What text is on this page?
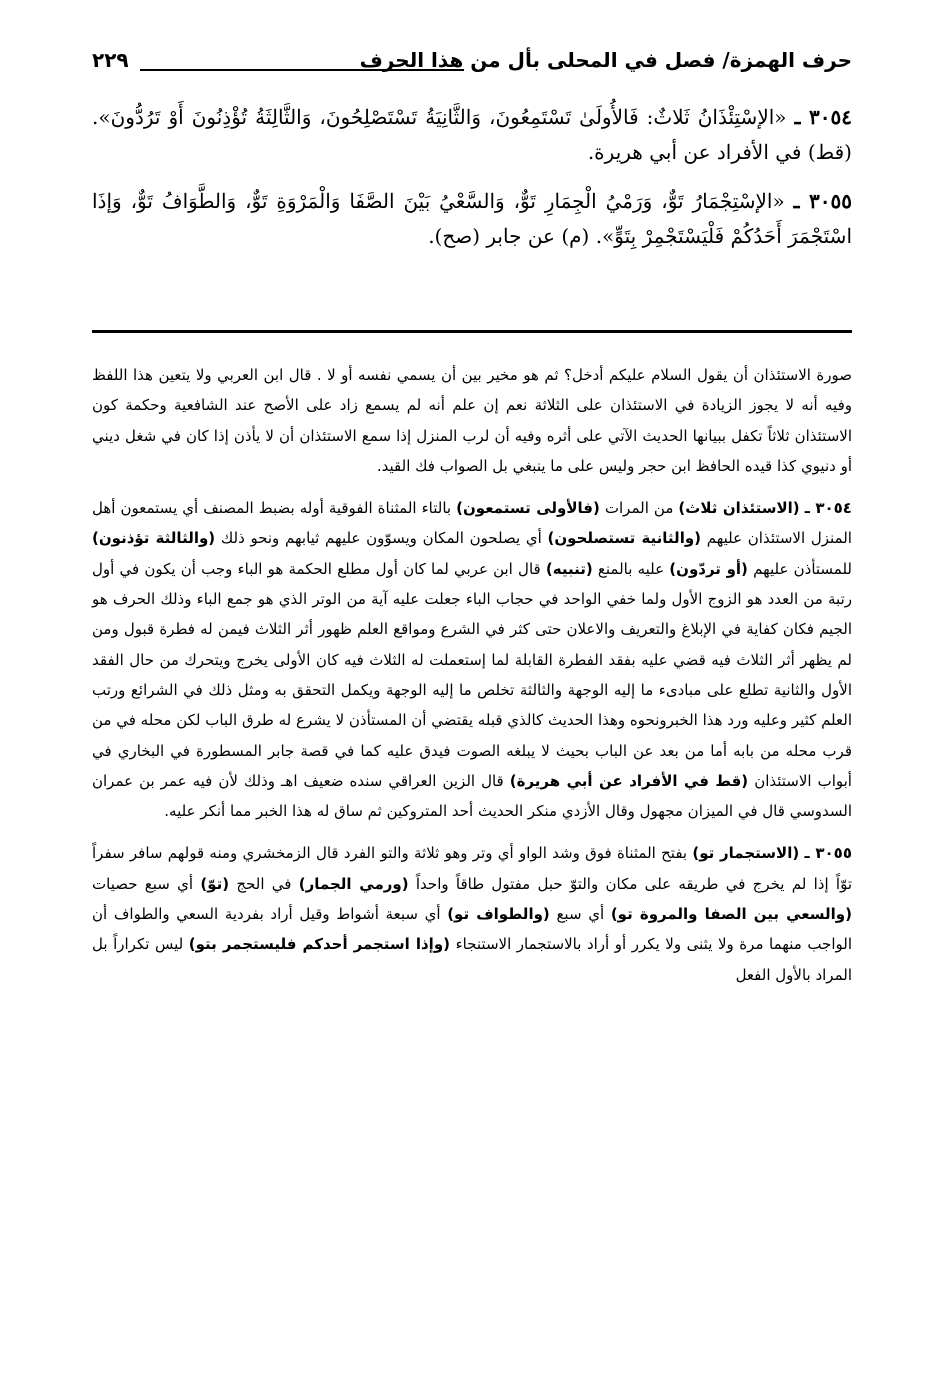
حرف الهمزة/ فصل في المحلى بأل من هذا الحرف
٢٢٩

٣٠٥٤ ـ «الإسْتِئْذَانُ ثَلاثٌ: فَالأُولَىٰ تَسْتَمِعُونَ، وَالثَّانِيَةُ تَسْتَصْلِحُونَ، وَالثَّالِثَةُ تُؤْذِنُونَ أَوْ تَرُدُّونَ». (قط) في الأفراد عن أبي هريرة.

٣٠٥٥ ـ «الإسْتِجْمَارُ تَوٌّ، وَرَمْيُ الْجِمَارِ تَوٌّ، وَالسَّعْيُ بَيْنَ الصَّفَا وَالْمَرْوَةِ تَوٌّ، وَالطَّوَافُ تَوٌّ، وَإذَا اسْتَجْمَرَ أَحَدُكُمْ فَلْيَسْتَجْمِرْ بِتَوٍّ». (م) عن جابر (صح).

صورة الاستئذان أن يقول السلام عليكم أدخل؟ ثم هو مخير بين أن يسمي نفسه أو لا . قال ابن العربي ولا يتعين هذا اللفظ وفيه أنه لا يجوز الزيادة في الاستئذان على الثلاثة نعم إن علم أنه لم يسمع زاد على الأصح عند الشافعية وحكمة كون الاستئذان ثلاثاً تكفل ببيانها الحديث الآتي على أثره وفيه أن لرب المنزل إذا سمع الاستئذان أن لا يأذن إذا كان في شغل ديني أو دنيوي كذا قيده الحافظ ابن حجر وليس على ما ينبغي بل الصواب فك القيد.

٣٠٥٤ ـ (الاستئذان ثلاث) من المرات (فالأولى تستمعون) بالتاء المثناة الفوقية أوله بضبط المصنف أي يستمعون أهل المنزل الاستئذان عليهم (والثانية تستصلحون) أي يصلحون المكان ويسوّون عليهم ثيابهم ونحو ذلك (والثالثة تؤذنون) للمستأذن عليهم (أو تردّون) عليه بالمنع (تنبيه) قال ابن عربي لما كان أول مطلع الحكمة هو الباء وجب أن يكون في أول رتبة من العدد هو الزوج الأول ولما خفي الواحد في حجاب الباء جعلت عليه آية من الوتر الذي هو جمع الباء وذلك الحرف هو الجيم فكان كفاية في الإبلاغ والتعريف والاعلان حتى كثر في الشرع ومواقع العلم ظهور أثر الثلاث فيمن له فطرة قبول ومن لم يظهر أثر الثلاث فيه قضي عليه بفقد الفطرة القابلة لما إستعملت له الثلاث فيه كان الأولى يخرج ويتحرك من حال الفقد الأول والثانية تطلع على مبادىء ما إليه الوجهة والثالثة تخلص ما إليه الوجهة ويكمل التحقق به ومثل ذلك في الشرائع ورتب العلم كثير وعليه ورد هذا الخبرونحوه وهذا الحديث كالذي قبله يقتضي أن المستأذن لا يشرع له طرق الباب لكن محله في من قرب محله من بابه أما من بعد عن الباب بحيث لا يبلغه الصوت فيدق عليه كما في قصة جابر المسطورة في البخاري في أبواب الاستئذان (قط في الأفراد عن أبي هريرة) قال الزين العراقي سنده ضعيف اهـ وذلك لأن فيه عمر بن عمران السدوسي قال في الميزان مجهول وقال الأزدي منكر الحديث أحد المتروكين ثم ساق له هذا الخبر مما أنكر عليه.

٣٠٥٥ ـ (الاستجمار تو) بفتح المثناة فوق وشد الواو أي وتر وهو ثلاثة والتو الفرد قال الزمخشري ومنه قولهم سافر سفراً توّاً إذا لم يخرج في طريقه على مكان والتوّ حبل مفتول طاقاً واحداً (ورمي الجمار) في الحج (توّ) أي سبع حصيات (والسعي بين الصفا والمروة تو) أي سبع (والطواف تو) أي سبعة أشواط وقيل أراد بفردية السعي والطواف أن الواجب منهما مرة ولا يثنى ولا يكرر أو أراد بالاستجمار الاستنجاء (وإذا استجمر أحدكم فليستجمر بتو) ليس تكراراً بل المراد بالأول الفعل
